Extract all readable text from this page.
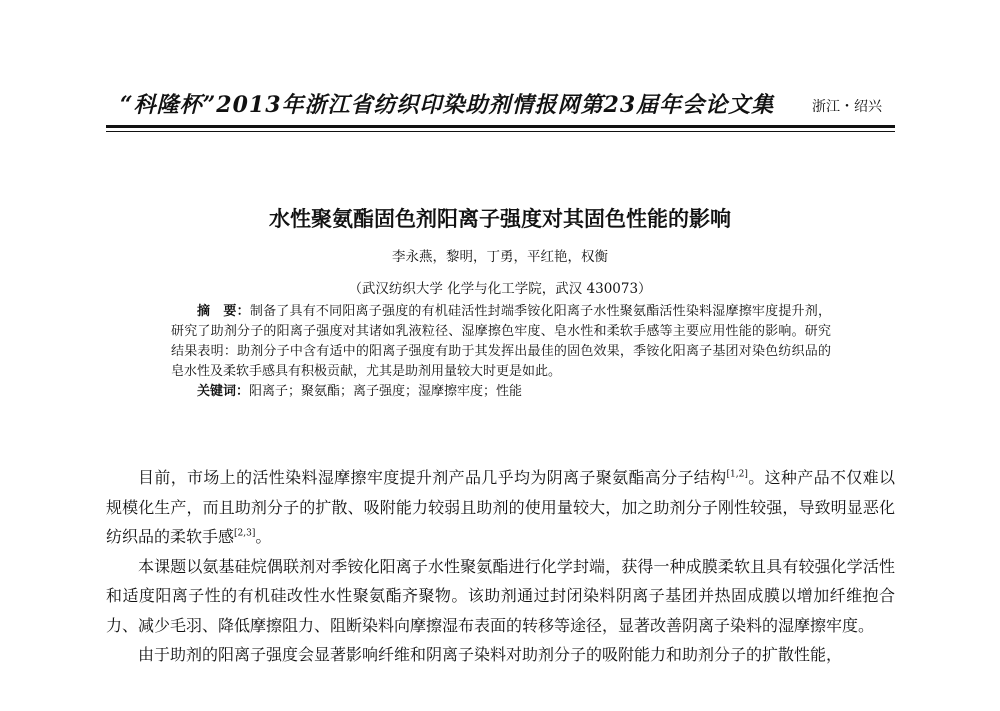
“科隆杯”2013年浙江省纺织印染助剂情报网第23届年会论文集	浙江・绍兴
水性聚氨酯固色剂阳离子强度对其固色性能的影响
李永燕，黎明，丁勇，平红艳，权衡
（武汉纺织大学 化学与化工学院，武汉 430073）

摘　要：制备了具有不同阳离子强度的有机硅活性封端季铵化阳离子水性聚氨酯活性染料湿摩擦牢度提升剂，研究了助剂分子的阳离子强度对其诸如乳液粒径、湿摩擦色牢度、皂水性和柔软手感等主要应用性能的影响。研究结果表明：助剂分子中含有适中的阳离子强度有助于其发挥出最佳的固色效果，季铵化阳离子基团对染色纺织品的皂水性及柔软手感具有积极贡献，尤其是助剂用量较大时更是如此。

关键词：阳离子；聚氨酯；离子强度；湿摩擦牢度；性能

目前，市场上的活性染料湿摩擦牢度提升剂产品几乎均为阴离子聚氨酯高分子结构[1,2]。这种产品不仅难以规模化生产，而且助剂分子的扩散、吸附能力较弱且助剂的使用量较大，加之助剂分子刚性较强，导致明显恶化纺织品的柔软手感[2,3]。

本课题以氨基硅烷偶联剂对季铵化阳离子水性聚氨酯进行化学封端，获得一种成膜柔软且具有较强化学活性和适度阳离子性的有机硅改性水性聚氨酯齐聚物。该助剂通过封闭染料阴离子基团并热固成膜以增加纤维抱合力、减少毛羽、降低摩擦阻力、阻断染料向摩擦湿布表面的转移等途径，显著改善阴离子染料的湿摩擦牢度。

由于助剂的阳离子强度会显著影响纤维和阴离子染料对助剂分子的吸附能力和助剂分子的扩散性能，
